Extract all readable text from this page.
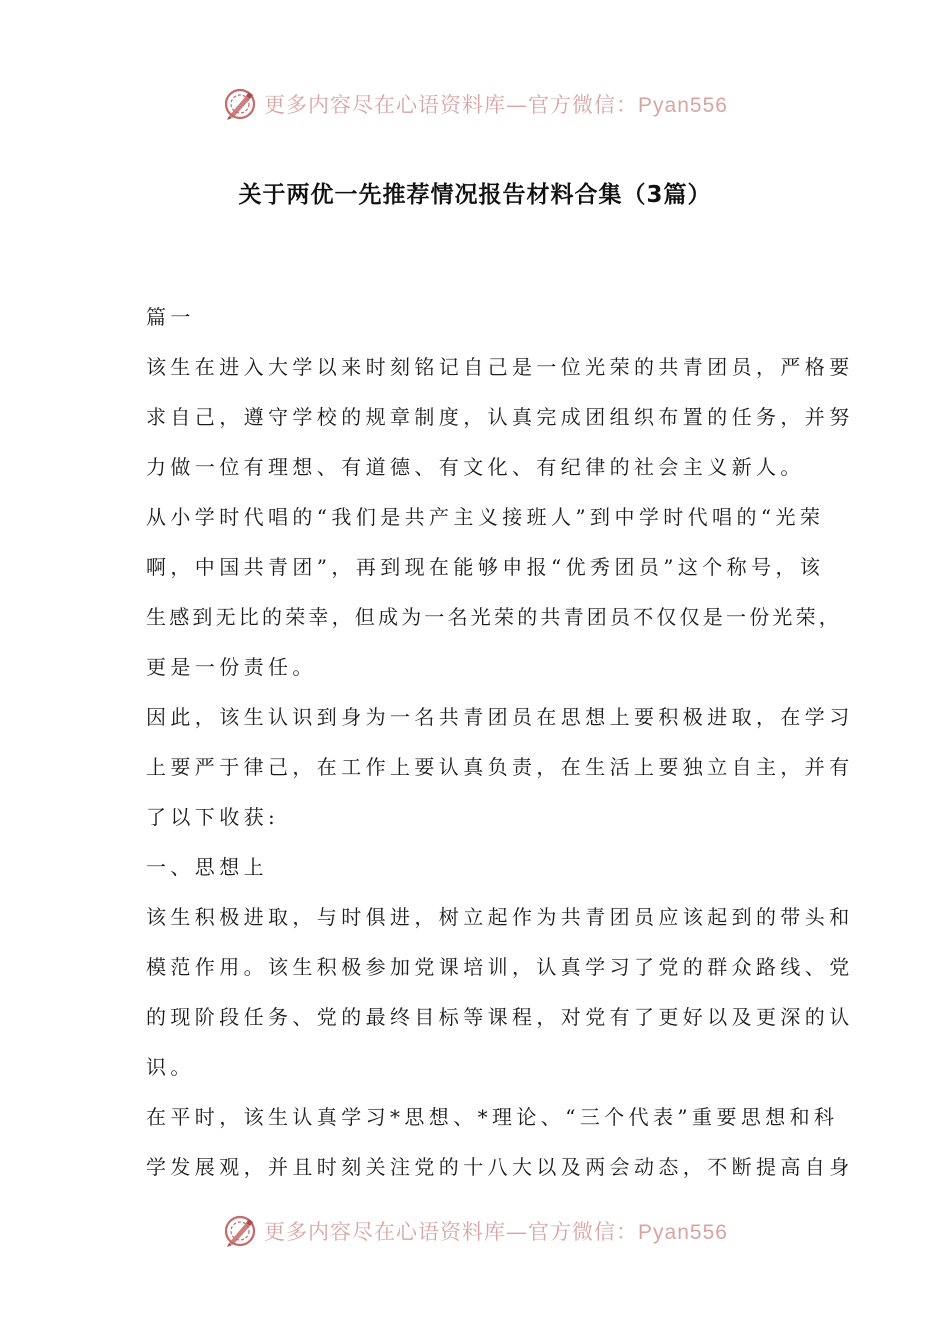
更多内容尽在心语资料库—官方微信：Pyan556
关于两优一先推荐情况报告材料合集（3篇）
篇一
该生在进入大学以来时刻铭记自己是一位光荣的共青团员，严格要
求自己，遵守学校的规章制度，认真完成团组织布置的任务，并努
力做一位有理想、有道德、有文化、有纪律的社会主义新人。
从小学时代唱的“我们是共产主义接班人”到中学时代唱的“光荣
啊，中国共青团”，再到现在能够申报“优秀团员”这个称号，该
生感到无比的荣幸，但成为一名光荣的共青团员不仅仅是一份光荣，
更是一份责任。
因此，该生认识到身为一名共青团员在思想上要积极进取，在学习
上要严于律己，在工作上要认真负责，在生活上要独立自主，并有
了以下收获:
一、思想上
该生积极进取，与时俱进，树立起作为共青团员应该起到的带头和
模范作用。该生积极参加党课培训，认真学习了党的群众路线、党
的现阶段任务、党的最终目标等课程，对党有了更好以及更深的认
识。
在平时，该生认真学习*思想、*理论、“三个代表”重要思想和科
学发展观，并且时刻关注党的十八大以及两会动态，不断提高自身
更多内容尽在心语资料库—官方微信：Pyan556
